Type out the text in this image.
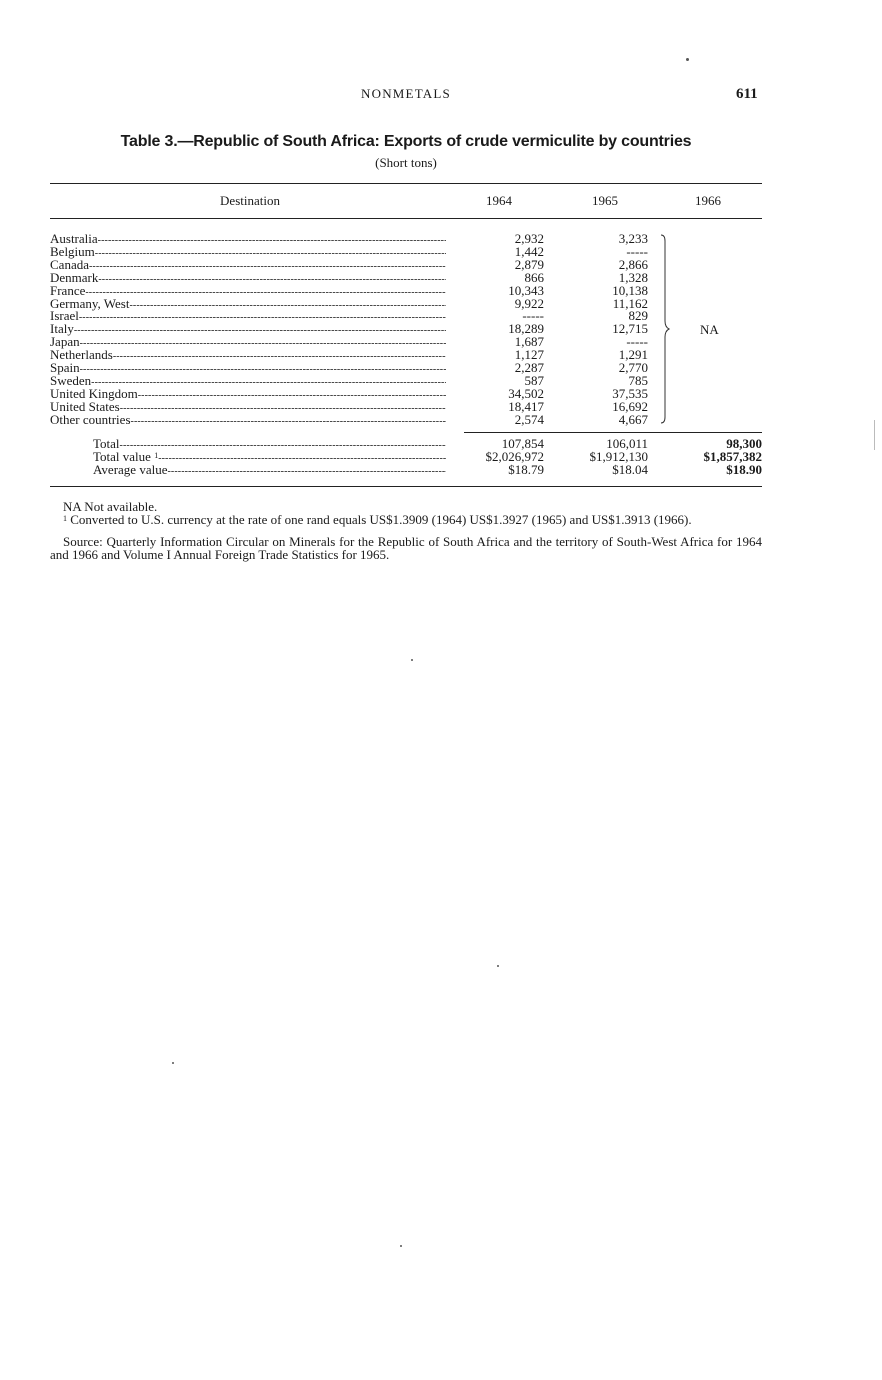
NONMETALS	611
Table 3.—Republic of South Africa: Exports of crude vermiculite by countries
(Short tons)
Destination	1964	1965	1966
Australia - - -	2,932	3,233
Belgium - - -	1,442	-----
Canada - - -	2,879	2,866
Denmark - - -	866	1,328
France - - -	10,343	10,138
Germany, West - - -	9,922	11,162
Israel - - -	-----	829
Italy - - -	18,289	12,715
Japan - - -	1,687	-----
Netherlands - - -	1,127	1,291
Spain - - -	2,287	2,770
Sweden - - -	587	785
United Kingdom - - -	34,502	37,535
United States - - -	18,417	16,692
Other countries - - -	2,574	4,667
NA
Total - - -	107,854	106,011	98,300
Total value $^1$ - - -	$2,026,972	$1,912,130	$1,857,382
Average value - - -	$18.79	$18.04	$18.90

NA Not available.

$^1$ Converted to U.S. currency at the rate of one rand equals US$1.3909 (1964) US$1.3927 (1965) and US$1.3913 (1966).

Source: Quarterly Information Circular on Minerals for the Republic of South Africa and the territory of South-West Africa for 1964 and 1966 and Volume I Annual Foreign Trade Statistics for 1965.
